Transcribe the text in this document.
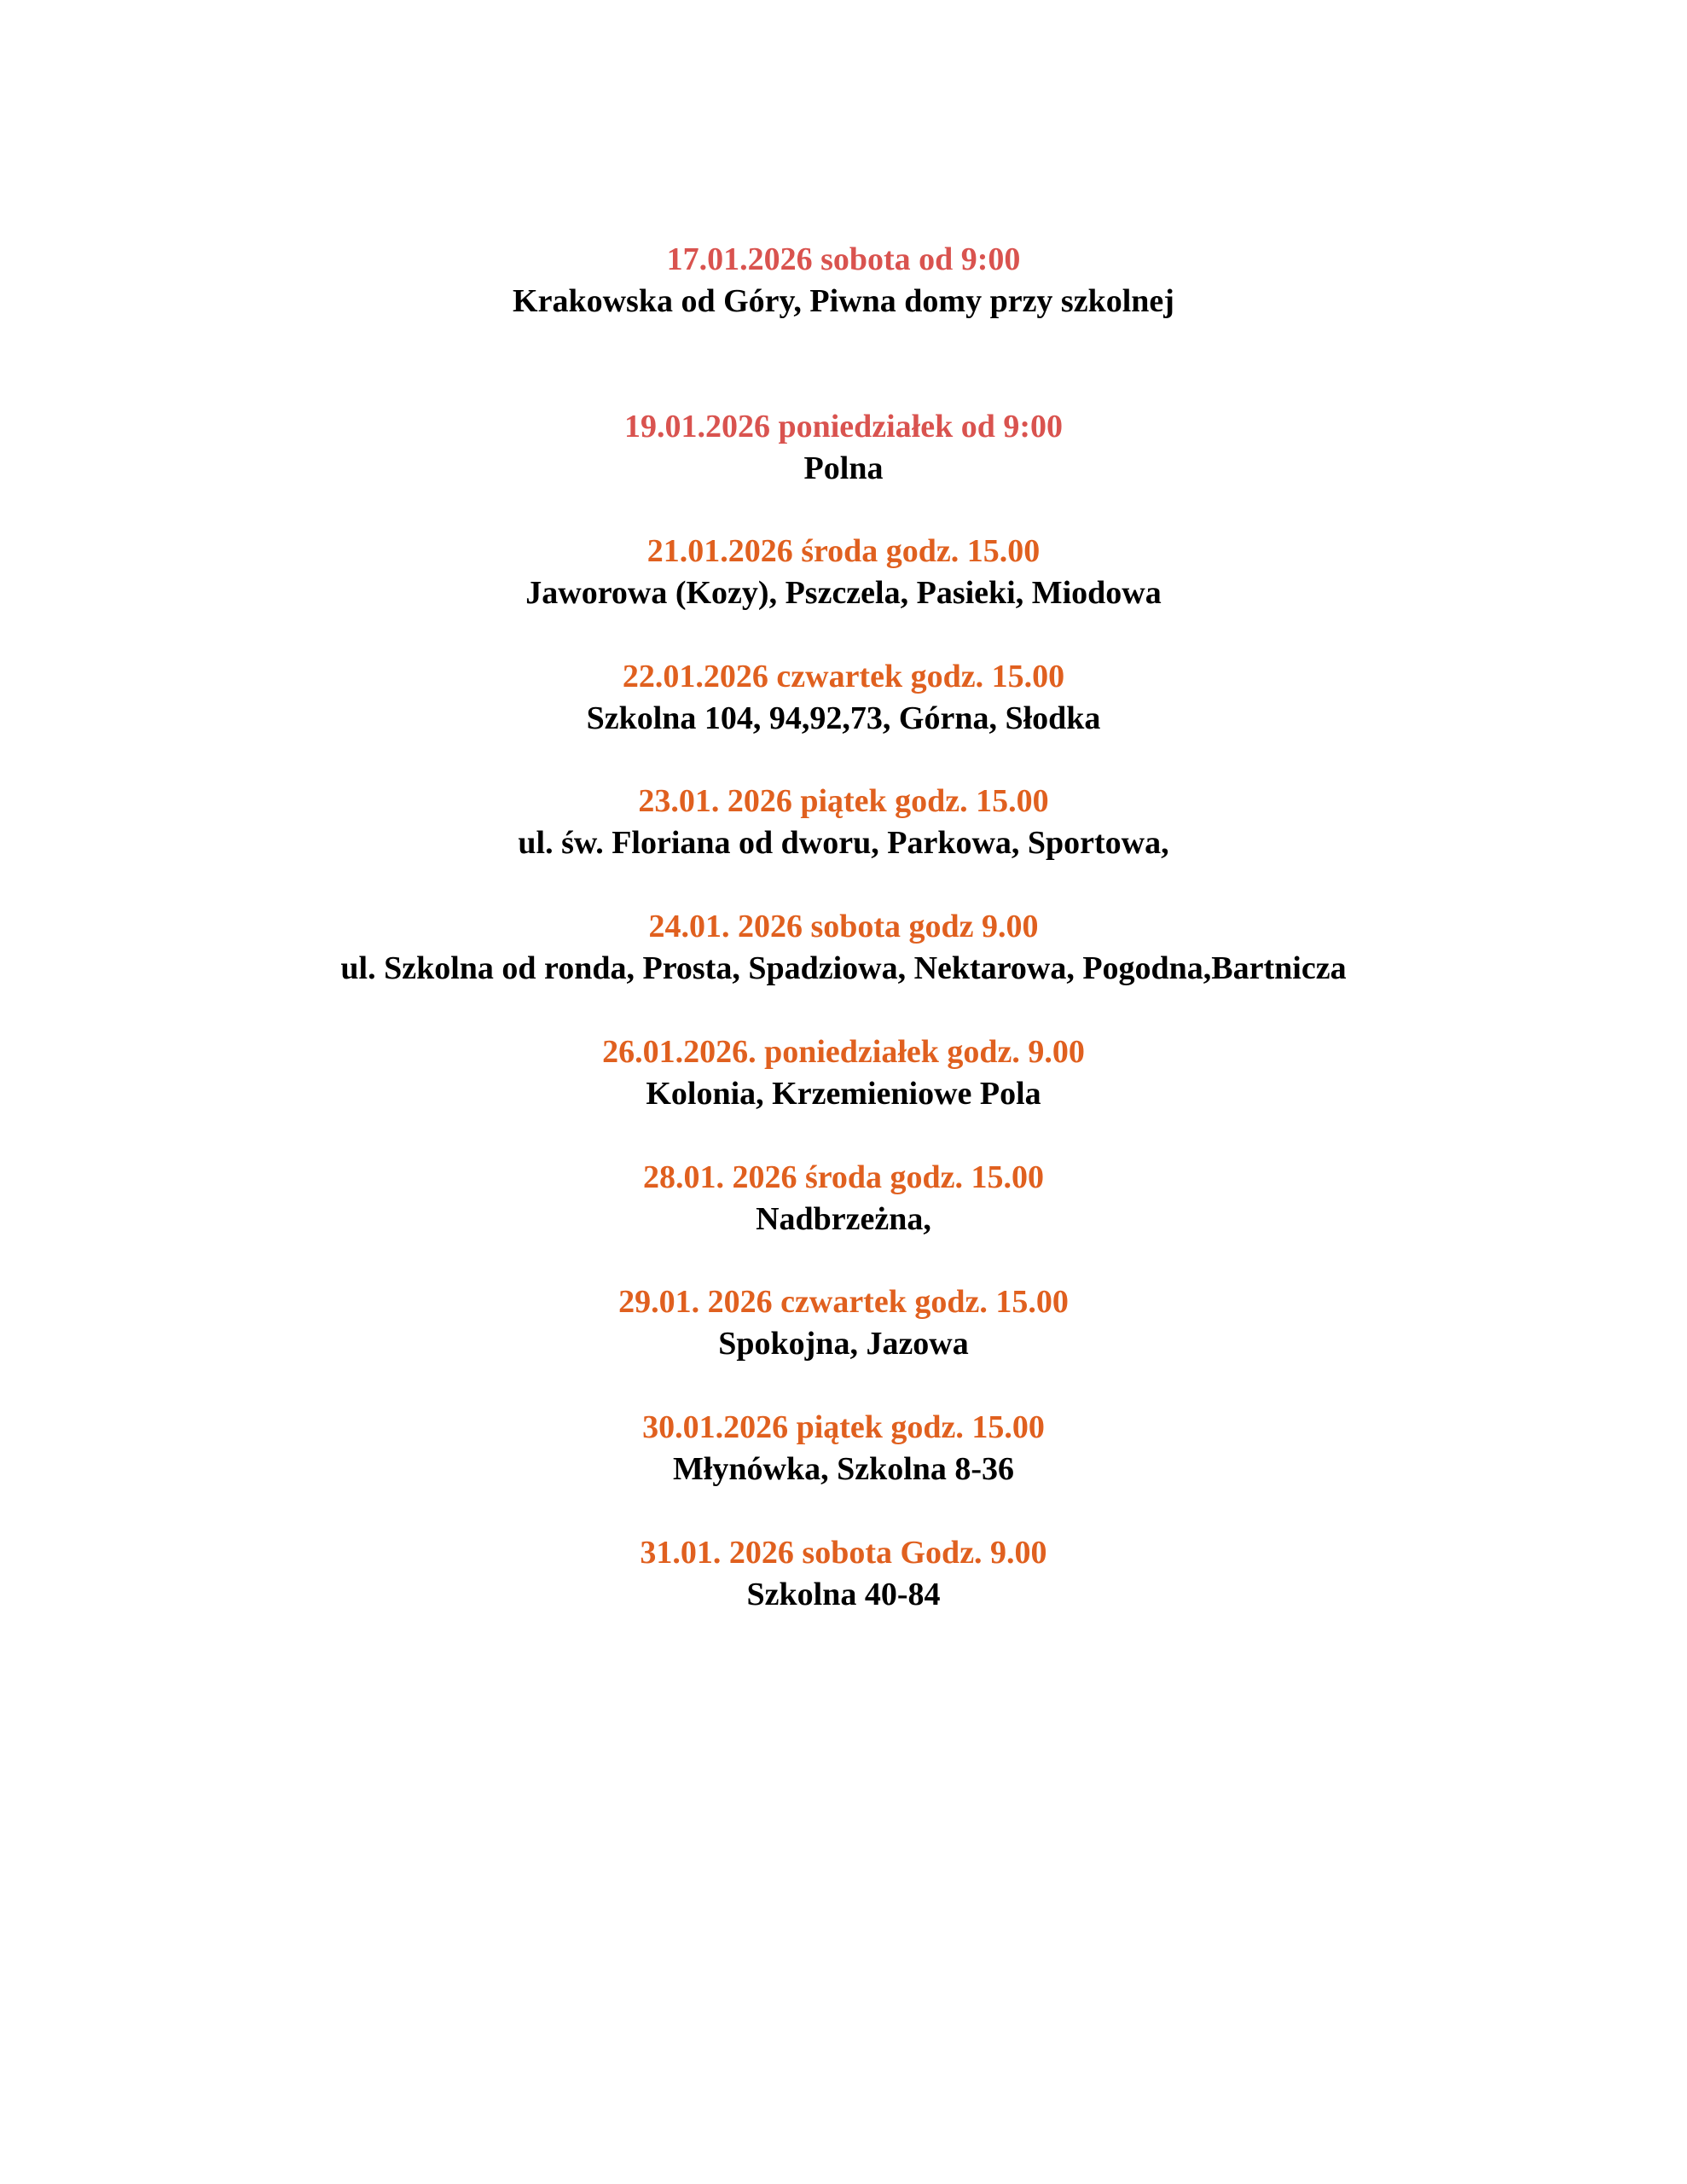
17.01.2026 sobota od 9:00
Krakowska od Góry, Piwna domy przy szkolnej
19.01.2026 poniedziałek od 9:00
Polna
21.01.2026 środa godz. 15.00
Jaworowa (Kozy), Pszczela, Pasieki, Miodowa
22.01.2026 czwartek godz. 15.00
Szkolna 104, 94,92,73, Górna, Słodka
23.01. 2026 piątek godz. 15.00
ul. św. Floriana od dworu, Parkowa, Sportowa,
24.01. 2026 sobota godz 9.00
ul. Szkolna od ronda, Prosta, Spadziowa, Nektarowa, Pogodna,Bartnicza
26.01.2026. poniedziałek godz. 9.00
Kolonia, Krzemieniowe Pola
28.01. 2026 środa godz. 15.00
Nadbrzeżna,
29.01. 2026 czwartek godz. 15.00
Spokojna, Jazowa
30.01.2026 piątek godz. 15.00
Młynówka, Szkolna 8-36
31.01. 2026 sobota Godz. 9.00
Szkolna 40-84
